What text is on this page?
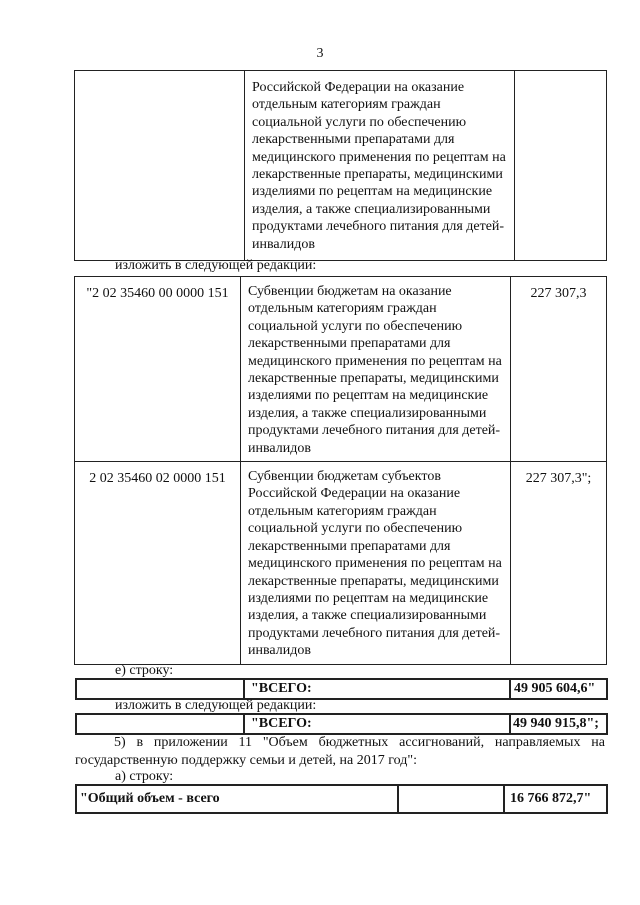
3
	Российской Федерации на оказание отдельным категориям граждан социальной услуги по обеспечению лекарственными препаратами для медицинского применения по рецептам на лекарственные препараты, медицинскими изделиями по рецептам на медицинские изделия, а также специализированными продуктами лечебного питания для детей-инвалидов	
изложить в следующей редакции:
"2 02 35460 00 0000 151	Субвенции бюджетам на оказание отдельным категориям граждан социальной услуги по обеспечению лекарственными препаратами для медицинского применения по рецептам на лекарственные препараты, медицинскими изделиями по рецептам на медицинские изделия, а также специализированными продуктами лечебного питания для детей-инвалидов	227 307,3
2 02 35460 02 0000 151	Субвенции бюджетам субъектов Российской Федерации на оказание отдельным категориям граждан социальной услуги по обеспечению лекарственными препаратами для медицинского применения по рецептам на лекарственные препараты, медицинскими изделиями по рецептам на медицинские изделия, а также специализированными продуктами лечебного питания для детей-инвалидов	227 307,3";
е) строку:
	"ВСЕГО:	49 905 604,6"
изложить в следующей редакции:
	"ВСЕГО:	49 940 915,8";
5) в приложении 11 "Объем бюджетных ассигнований, направляемых на государственную поддержку семьи и детей, на 2017 год":
а) строку:
"Общий объем - всего		16 766 872,7"
